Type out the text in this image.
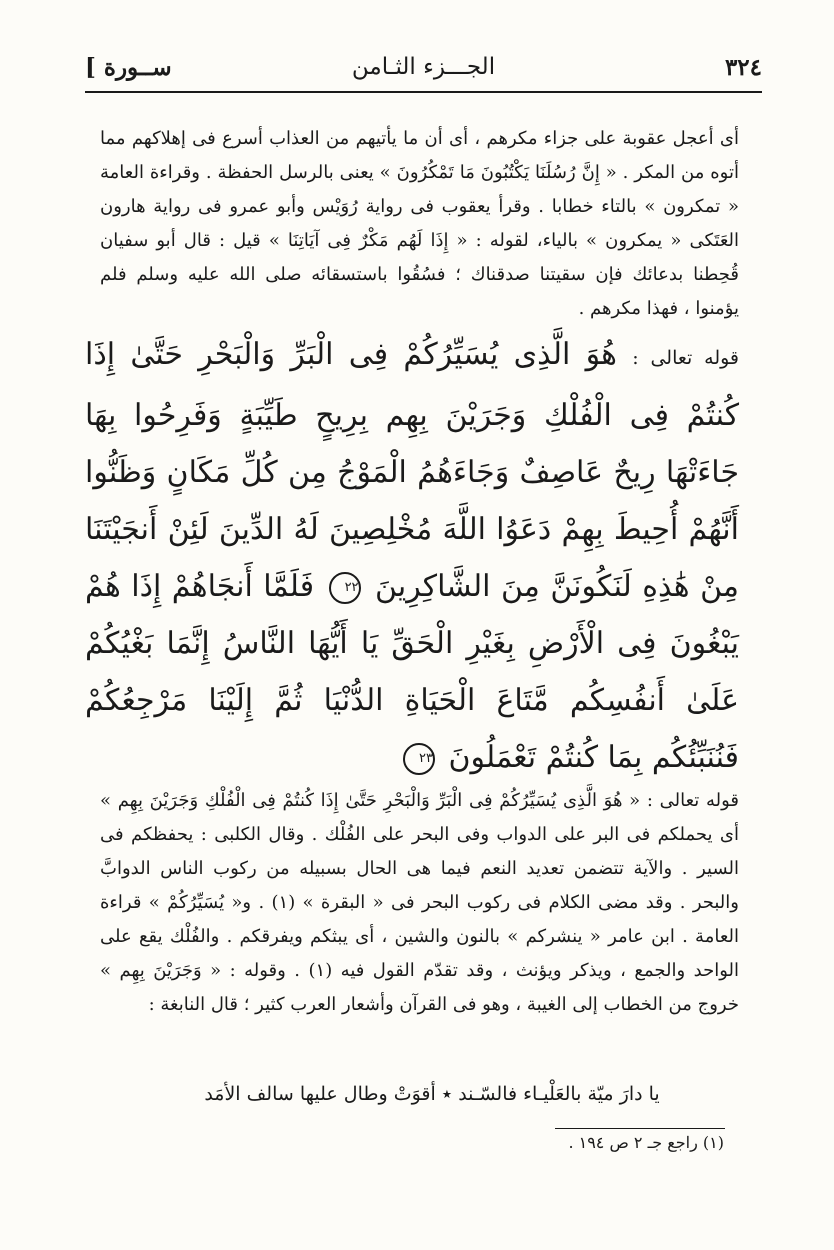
٣٢٤
الجـــزء الثـامن
ســورة ]

أى أعجل عقوبة على جزاء مكرهم ، أى أن ما يأتيهم من العذاب أسرع فى إهلاكهم مما أتوه من المكر . « إِنَّ رُسُلَنَا يَكْتُبُونَ مَا تَمْكُرُونَ » يعنى بالرسل الحفظة . وقراءة العامة « تمكرون » بالتاء خطابا . وقرأ يعقوب فى رواية رُوَيْس وأبو عمرو فى رواية هارون العَتَكى « يمكرون » بالياء، لقوله : « إِذَا لَهُم مَكْرٌ فِى آيَاتِنَا » قيل : قال أبو سفيان قُحِطنا بدعائك فإن سقيتنا صدقناك ؛ فسُقُوا باستسقائه صلى الله عليه وسلم فلم يؤمنوا ، فهذا مكرهم .

قوله تعالى : هُوَ الَّذِى يُسَيِّرُكُمْ فِى الْبَرِّ وَالْبَحْرِ حَتَّىٰ إِذَا كُنتُمْ فِى الْفُلْكِ وَجَرَيْنَ بِهِم بِرِيحٍ طَيِّبَةٍ وَفَرِحُوا بِهَا جَاءَتْهَا رِيحٌ عَاصِفٌ وَجَاءَهُمُ الْمَوْجُ مِن كُلِّ مَكَانٍ وَظَنُّوا أَنَّهُمْ أُحِيطَ بِهِمْ دَعَوُا اللَّهَ مُخْلِصِينَ لَهُ الدِّينَ لَئِنْ أَنجَيْتَنَا مِنْ هَٰذِهِ لَنَكُونَنَّ مِنَ الشَّاكِرِينَ ٢٢ فَلَمَّا أَنجَاهُمْ إِذَا هُمْ يَبْغُونَ فِى الْأَرْضِ بِغَيْرِ الْحَقِّ يَا أَيُّهَا النَّاسُ إِنَّمَا بَغْيُكُمْ عَلَىٰ أَنفُسِكُم مَّتَاعَ الْحَيَاةِ الدُّنْيَا ثُمَّ إِلَيْنَا مَرْجِعُكُمْ فَنُنَبِّئُكُم بِمَا كُنتُمْ تَعْمَلُونَ ٢٣

قوله تعالى : « هُوَ الَّذِى يُسَيِّرُكُمْ فِى الْبَرِّ وَالْبَحْرِ حَتَّىٰ إِذَا كُنتُمْ فِى الْفُلْكِ وَجَرَيْنَ بِهِم » أى يحملكم فى البر على الدواب وفى البحر على الفُلْك . وقال الكلبى : يحفظكم فى السير . والآية تتضمن تعديد النعم فيما هى الحال بسبيله من ركوب الناس الدوابَّ والبحر . وقد مضى الكلام فى ركوب البحر فى « البقرة » (١) . و« يُسَيِّرُكُمْ » قراءة العامة . ابن عامر « ينشركم » بالنون والشين ، أى يبثكم ويفرقكم . والفُلْك يقع على الواحد والجمع ، ويذكر ويؤنث ، وقد تقدّم القول فيه (١) . وقوله : « وَجَرَيْنَ بِهِم » خروج من الخطاب إلى الغيبة ، وهو فى القرآن وأشعار العرب كثير ؛ قال النابغة :

يا دارَ ميّة بالعَلْيـاء فالسّـند ٭ أقوَتْ وطال عليها سالف الأمَد
(١) راجع جـ ٢ ص ١٩٤ .
